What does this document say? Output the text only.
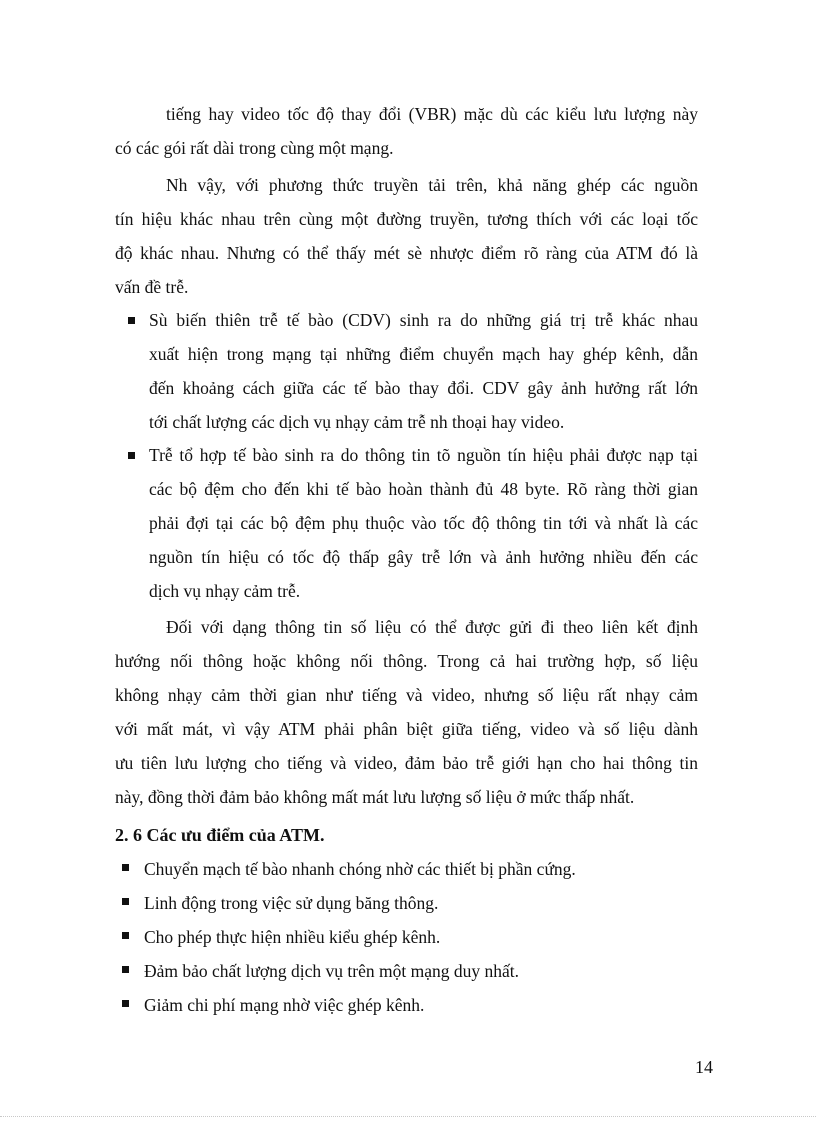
tiếng hay video tốc độ thay đổi (VBR) mặc dù các kiểu lưu lượng này
có các gói rất dài trong cùng một mạng.
Nh vậy, với phương thức truyền tải trên, khả năng ghép các nguồn
tín hiệu khác nhau trên cùng một đường truyền, tương thích với các loại tốc
độ khác nhau. Nhưng có thể thấy mét sè nhược điểm rõ ràng của ATM đó là
vấn đề trễ.
Sù biến thiên trễ tế bào (CDV) sinh ra do những giá trị trễ khác nhau
xuất hiện trong mạng tại những điểm chuyển mạch hay ghép kênh, dẫn
đến khoảng cách giữa các tế bào thay đổi. CDV gây ảnh hưởng rất lớn
tới chất lượng các dịch vụ nhạy cảm trễ nh thoại hay video.
Trễ tổ hợp tế bào sinh ra do thông tin tõ nguồn tín hiệu phải được nạp tại
các bộ đệm cho đến khi tế bào hoàn thành đủ 48 byte. Rõ ràng thời gian
phải đợi tại các bộ đệm phụ thuộc vào tốc độ thông tin tới và nhất là các
nguồn tín hiệu có tốc độ thấp gây trễ lớn và ảnh hưởng nhiều đến các
dịch vụ nhạy cảm trễ.
Đối với dạng thông tin số liệu có thể được gửi đi theo liên kết định
hướng nối thông hoặc không nối thông. Trong cả hai trường hợp, số liệu
không nhạy cảm thời gian như tiếng và video, nhưng số liệu rất nhạy cảm
với mất mát, vì vậy ATM phải phân biệt giữa tiếng, video và số liệu dành
ưu tiên lưu lượng cho tiếng và video, đảm bảo trễ giới hạn cho hai thông tin
này, đồng thời đảm bảo không mất mát lưu lượng số liệu ở mức thấp nhất.
2. 6 Các ưu điểm của ATM.
Chuyển mạch tế bào nhanh chóng nhờ các thiết bị phần cứng.
Linh động trong việc sử dụng băng thông.
Cho phép thực hiện nhiều kiểu ghép kênh.
Đảm bảo chất lượng dịch vụ trên một mạng duy nhất.
Giảm chi phí mạng nhờ việc ghép kênh.
14
